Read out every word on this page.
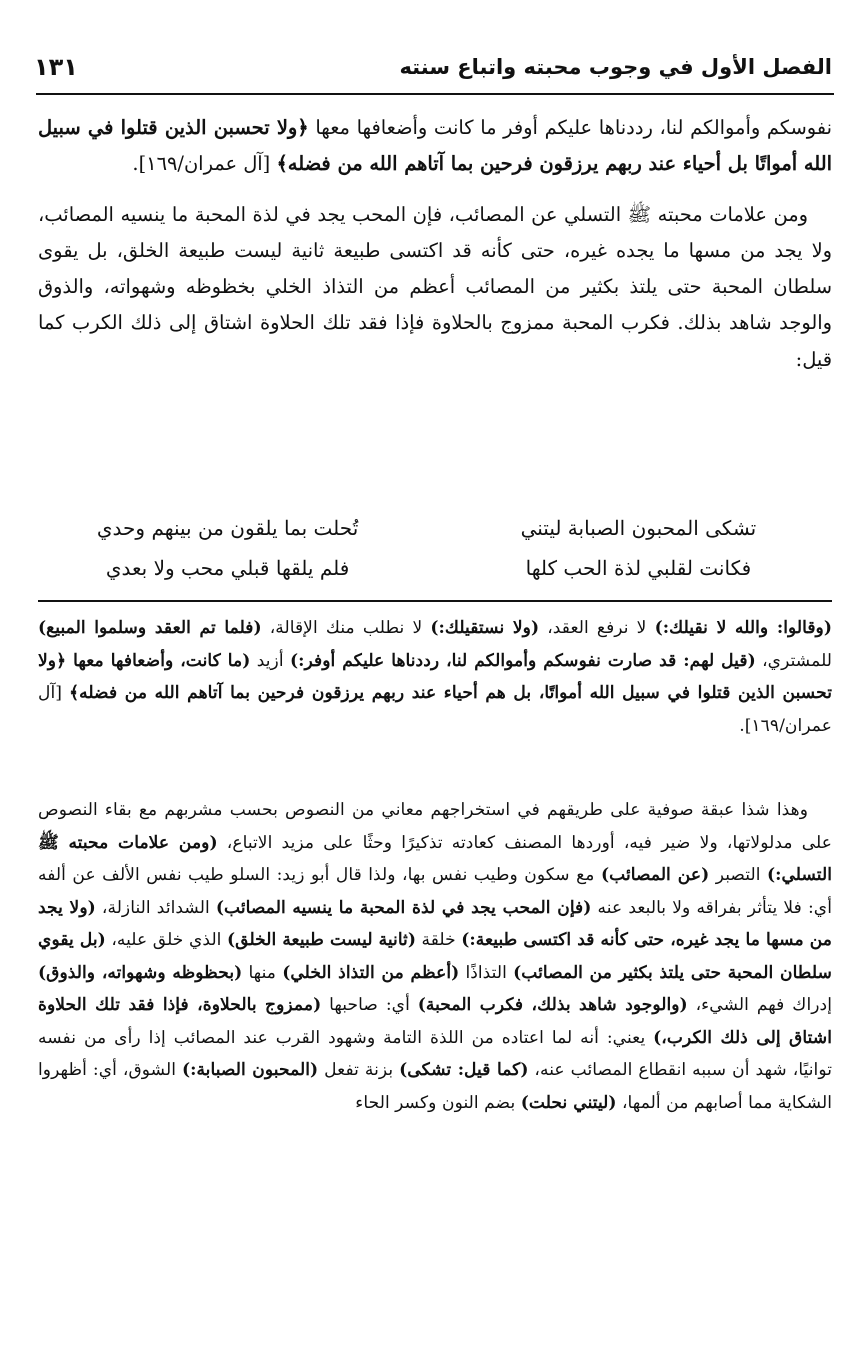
الفصل الأول في وجوب محبته واتباع سنته
١٣١

نفوسكم وأموالكم لنا، رددناها عليكم أوفر ما كانت وأضعافها معها ﴿ولا تحسبن الذين قتلوا في سبيل الله أمواتًا بل أحياء عند ربهم يرزقون فرحين بما آتاهم الله من فضله﴾ [آل عمران/١٦٩].

ومن علامات محبته ﷺ التسلي عن المصائب، فإن المحب يجد في لذة المحبة ما ينسيه المصائب، ولا يجد من مسها ما يجده غيره، حتى كأنه قد اكتسى طبيعة ثانية ليست طبيعة الخلق، بل يقوى سلطان المحبة حتى يلتذ بكثير من المصائب أعظم من التذاذ الخلي بخظوظه وشهواته، والذوق والوجد شاهد بذلك. فكرب المحبة ممزوج بالحلاوة فإذا فقد تلك الحلاوة اشتاق إلى ذلك الكرب كما قيل:

تشكى المحبون الصبابة ليتني
تُحلت بما يلقون من بينهم وحدي
فكانت لقلبي لذة الحب كلها
فلم يلقها قبلي محب ولا بعدي

(وقالوا: والله لا نقيلك:) لا نرفع العقد، (ولا نستقيلك:) لا نطلب منك الإقالة، (فلما تم العقد وسلموا المبيع) للمشتري، (قيل لهم: قد صارت نفوسكم وأموالكم لنا، رددناها عليكم أوفر:) أزيد (ما كانت، وأضعافها معها ﴿ولا تحسبن الذين قتلوا في سبيل الله أمواتًا، بل هم أحياء عند ربهم يرزقون فرحين بما آتاهم الله من فضله﴾ [آل عمران/١٦٩].

وهذا شذا عبقة صوفية على طريقهم في استخراجهم معاني من النصوص بحسب مشربهم مع بقاء النصوص على مدلولاتها، ولا ضير فيه، أوردها المصنف كعادته تذكيرًا وحثًا على مزيد الاتباع، (ومن علامات محبته ﷺ التسلي:) التصبر (عن المصائب) مع سكون وطيب نفس بها، ولذا قال أبو زيد: السلو طيب نفس الألف عن ألفه أي: فلا يتأثر بفراقه ولا بالبعد عنه (فإن المحب يجد في لذة المحبة ما ينسيه المصائب) الشدائد النازلة، (ولا يجد من مسها ما يجد غيره، حتى كأنه قد اكتسى طبيعة:) خلقة (ثانية ليست طبيعة الخلق) الذي خلق عليه، (بل يقوي سلطان المحبة حتى يلتذ بكثير من المصائب) التذاذًا (أعظم من التذاذ الخلي) منها (بحظوظه وشهواته، والذوق) إدراك فهم الشيء، (والوجود شاهد بذلك، فكرب المحبة) أي: صاحبها (ممزوج بالحلاوة، فإذا فقد تلك الحلاوة اشتاق إلى ذلك الكرب،) يعني: أنه لما اعتاده من اللذة التامة وشهود القرب عند المصائب إذا رأى من نفسه توانيًا، شهد أن سببه انقطاع المصائب عنه، (كما قيل: تشكى) بزنة تفعل (المحبون الصبابة:) الشوق، أي: أظهروا الشكاية مما أصابهم من ألمها، (ليتني نحلت) بضم النون وكسر الحاء
